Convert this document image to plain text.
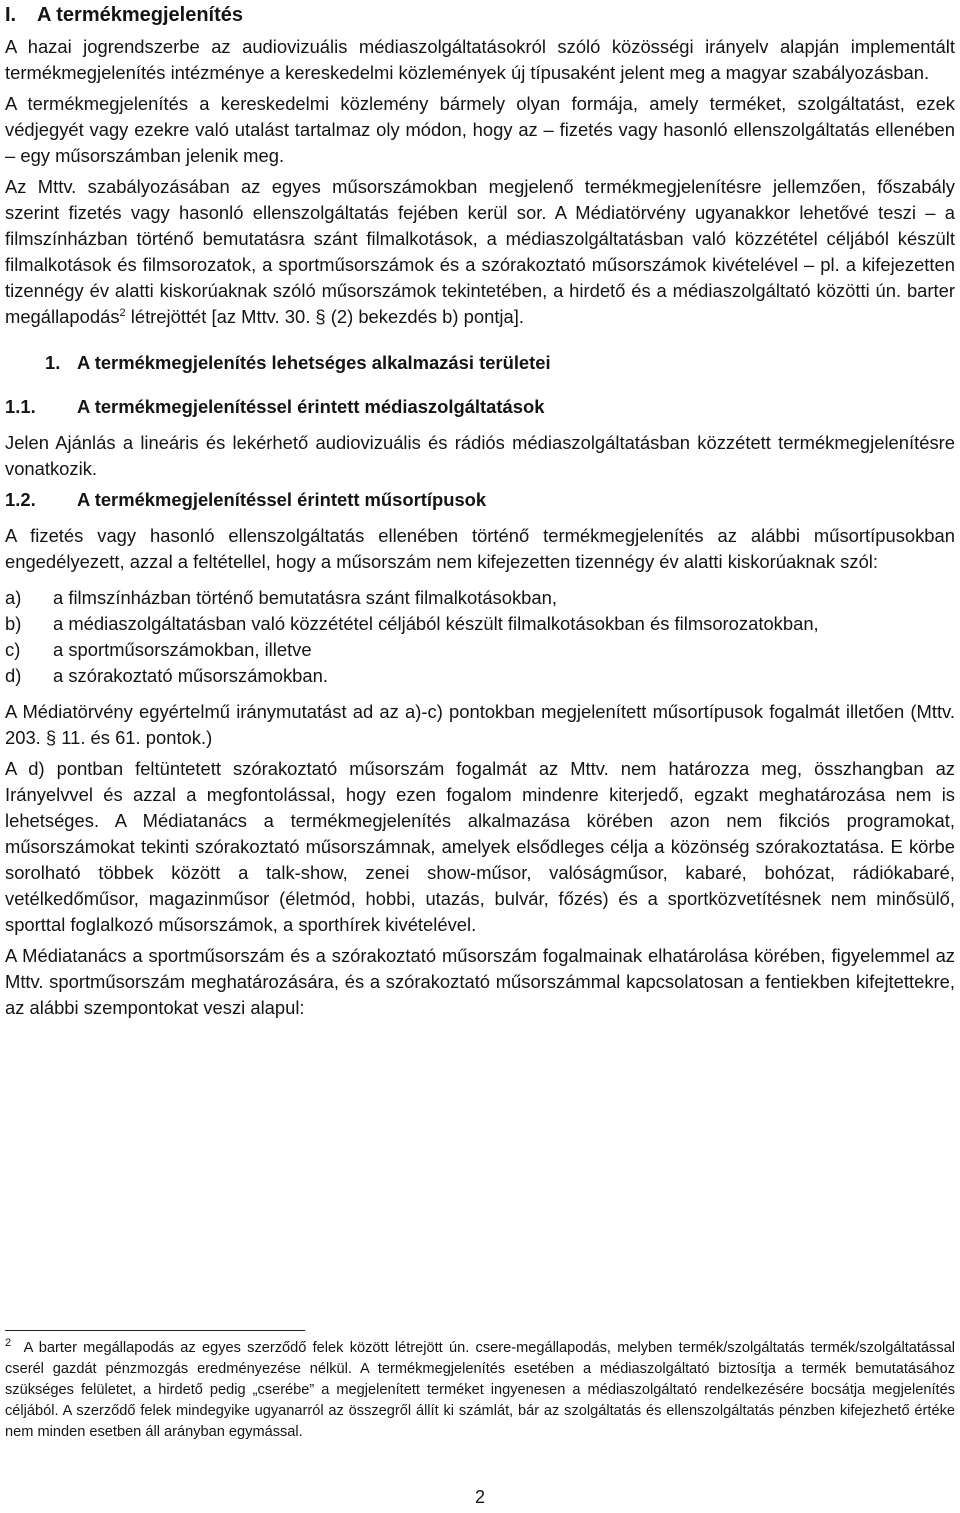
I. A termékmegjelenítés

A hazai jogrendszerbe az audiovizuális médiaszolgáltatásokról szóló közösségi irányelv alapján implementált termékmegjelenítés intézménye a kereskedelmi közlemények új típusaként jelent meg a magyar szabályozásban.

A termékmegjelenítés a kereskedelmi közlemény bármely olyan formája, amely terméket, szolgáltatást, ezek védjegyét vagy ezekre való utalást tartalmaz oly módon, hogy az – fizetés vagy hasonló ellenszolgáltatás ellenében – egy műsorszámban jelenik meg.

Az Mttv. szabályozásában az egyes műsorszámokban megjelenő termékmegjelenítésre jellemzően, főszabály szerint fizetés vagy hasonló ellenszolgáltatás fejében kerül sor. A Médiatörvény ugyanakkor lehetővé teszi – a filmszínházban történő bemutatásra szánt filmalkotások, a médiaszolgáltatásban való közzététel céljából készült filmalkotások és filmsorozatok, a sportműsorszámok és a szórakoztató műsorszámok kivételével – pl. a kifejezetten tizennégy év alatti kiskorúaknak szóló műsorszámok tekintetében, a hirdető és a médiaszolgáltató közötti ún. barter megállapodás$^2$ létrejöttét [az Mttv. 30. § (2) bekezdés b) pontja].

1. A termékmegjelenítés lehetséges alkalmazási területei
1.1. A termékmegjelenítéssel érintett médiaszolgáltatások

Jelen Ajánlás a lineáris és lekérhető audiovizuális és rádiós médiaszolgáltatásban közzétett termékmegjelenítésre vonatkozik.

1.2. A termékmegjelenítéssel érintett műsortípusok

A fizetés vagy hasonló ellenszolgáltatás ellenében történő termékmegjelenítés az alábbi műsortípusokban engedélyezett, azzal a feltétellel, hogy a műsorszám nem kifejezetten tizennégy év alatti kiskorúaknak szól:

a)	a filmszínházban történő bemutatásra szánt filmalkotásokban,
b)	a médiaszolgáltatásban való közzététel céljából készült filmalkotásokban és filmsorozatokban,
c)	a sportműsorszámokban, illetve
d)	a szórakoztató műsorszámokban.

A Médiatörvény egyértelmű iránymutatást ad az a)-c) pontokban megjelenített műsortípusok fogalmát illetően (Mttv. 203. § 11. és 61. pontok.)

A d) pontban feltüntetett szórakoztató műsorszám fogalmát az Mttv. nem határozza meg, összhangban az Irányelvvel és azzal a megfontolással, hogy ezen fogalom mindenre kiterjedő, egzakt meghatározása nem is lehetséges. A Médiatanács a termékmegjelenítés alkalmazása körében azon nem fikciós programokat, műsorszámokat tekinti szórakoztató műsorszámnak, amelyek elsődleges célja a közönség szórakoztatása. E körbe sorolható többek között a talk-show, zenei show-műsor, valóságműsor, kabaré, bohózat, rádiókabaré, vetélkedőműsor, magazinműsor (életmód, hobbi, utazás, bulvár, főzés) és a sportközvetítésnek nem minősülő, sporttal foglalkozó műsorszámok, a sporthírek kivételével.

A Médiatanács a sportműsorszám és a szórakoztató műsorszám fogalmainak elhatárolása körében, figyelemmel az Mttv. sportműsorszám meghatározására, és a szórakoztató műsorszámmal kapcsolatosan a fentiekben kifejtettekre, az alábbi szempontokat veszi alapul:

$^2$ A barter megállapodás az egyes szerződő felek között létrejött ún. csere-megállapodás, melyben termék/szolgáltatás termék/szolgáltatással cserél gazdát pénzmozgás eredményezése nélkül. A termékmegjelenítés esetében a médiaszolgáltató biztosítja a termék bemutatásához szükséges felületet, a hirdető pedig „cserébe” a megjelenített terméket ingyenesen a médiaszolgáltató rendelkezésére bocsátja megjelenítés céljából. A szerződő felek mindegyike ugyanarról az összegről állít ki számlát, bár az szolgáltatás és ellenszolgáltatás pénzben kifejezhető értéke nem minden esetben áll arányban egymással.
2
